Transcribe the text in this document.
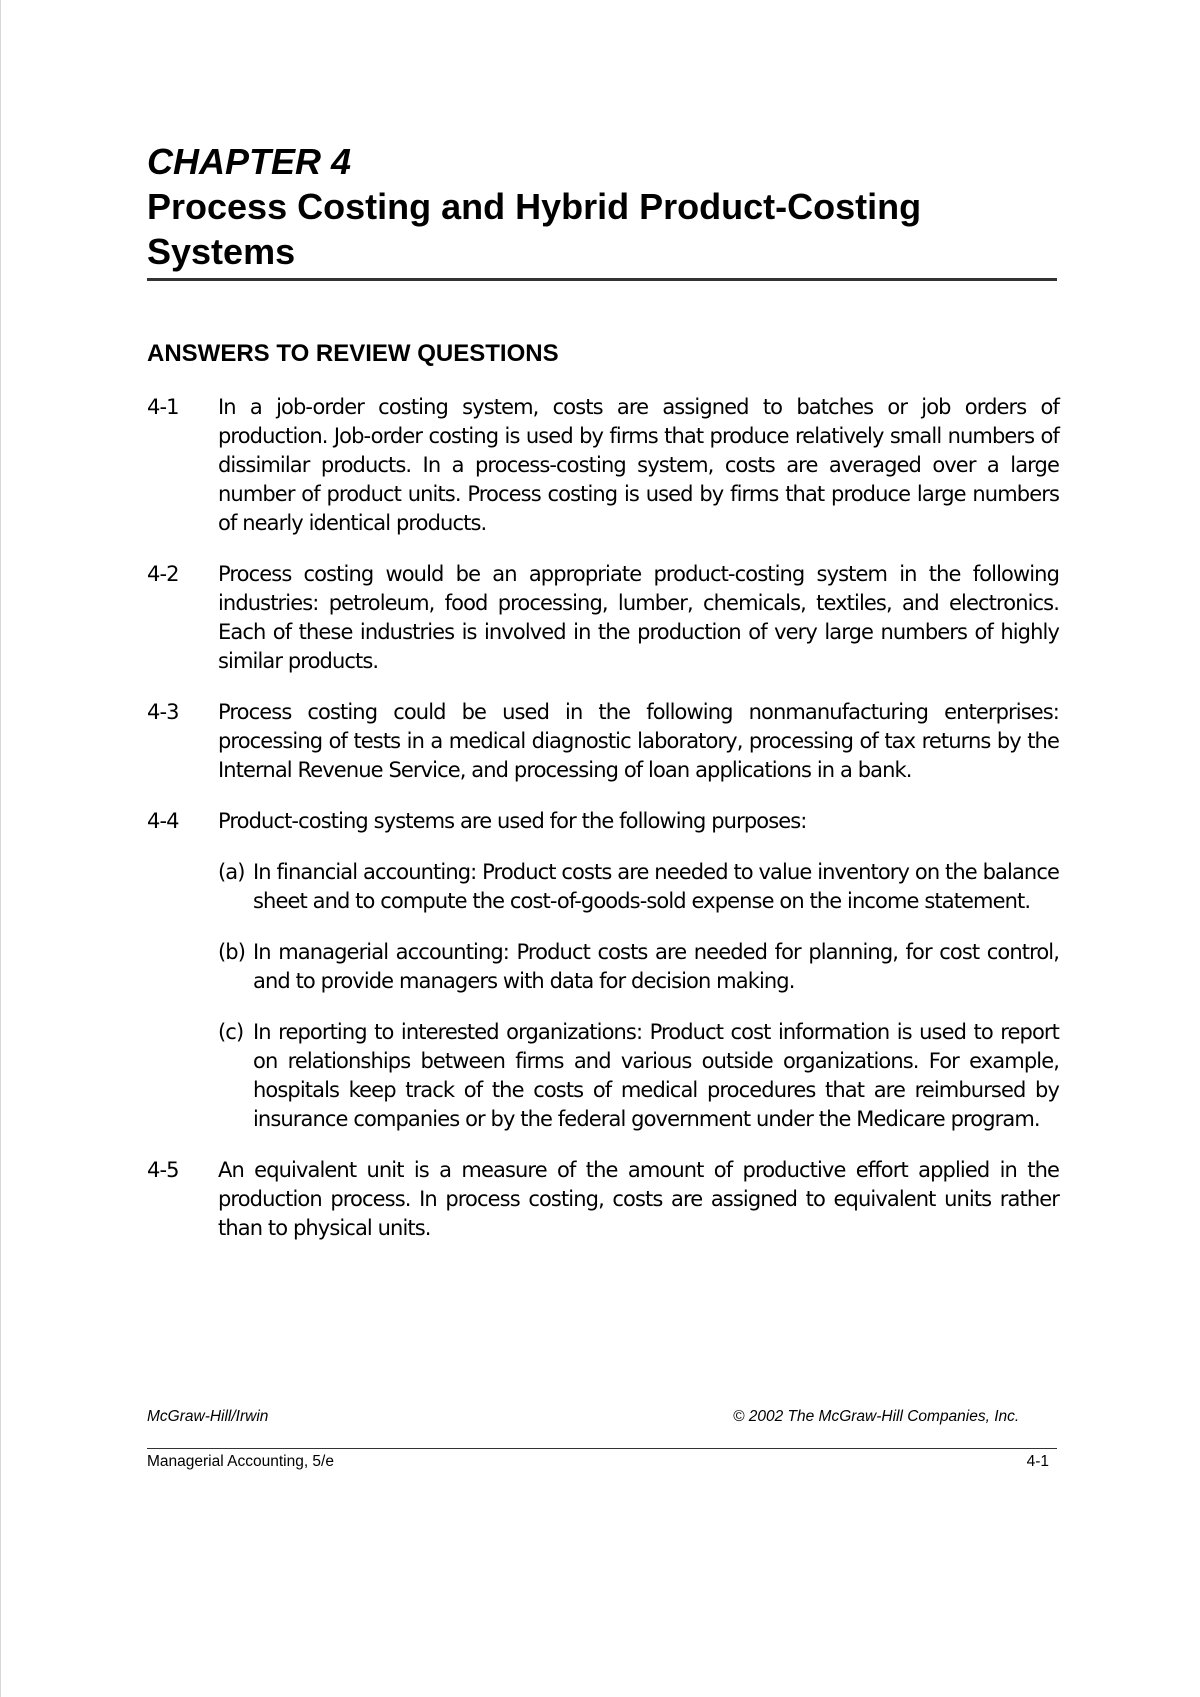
CHAPTER 4
Process Costing and Hybrid Product-Costing Systems
ANSWERS TO REVIEW QUESTIONS
4-1 In a job-order costing system, costs are assigned to batches or job orders of production. Job-order costing is used by firms that produce relatively small numbers of dissimilar products. In a process-costing system, costs are averaged over a large number of product units. Process costing is used by firms that produce large numbers of nearly identical products.
4-2 Process costing would be an appropriate product-costing system in the following industries: petroleum, food processing, lumber, chemicals, textiles, and electronics. Each of these industries is involved in the production of very large numbers of highly similar products.
4-3 Process costing could be used in the following nonmanufacturing enterprises: processing of tests in a medical diagnostic laboratory, processing of tax returns by the Internal Revenue Service, and processing of loan applications in a bank.
4-4 Product-costing systems are used for the following purposes:
(a) In financial accounting: Product costs are needed to value inventory on the balance sheet and to compute the cost-of-goods-sold expense on the income statement.
(b) In managerial accounting: Product costs are needed for planning, for cost control, and to provide managers with data for decision making.
(c) In reporting to interested organizations: Product cost information is used to report on relationships between firms and various outside organizations. For example, hospitals keep track of the costs of medical procedures that are reimbursed by insurance companies or by the federal government under the Medicare program.
4-5 An equivalent unit is a measure of the amount of productive effort applied in the production process. In process costing, costs are assigned to equivalent units rather than to physical units.
McGraw-Hill/Irwin	© 2002 The McGraw-Hill Companies, Inc.
Managerial Accounting, 5/e	4-1
